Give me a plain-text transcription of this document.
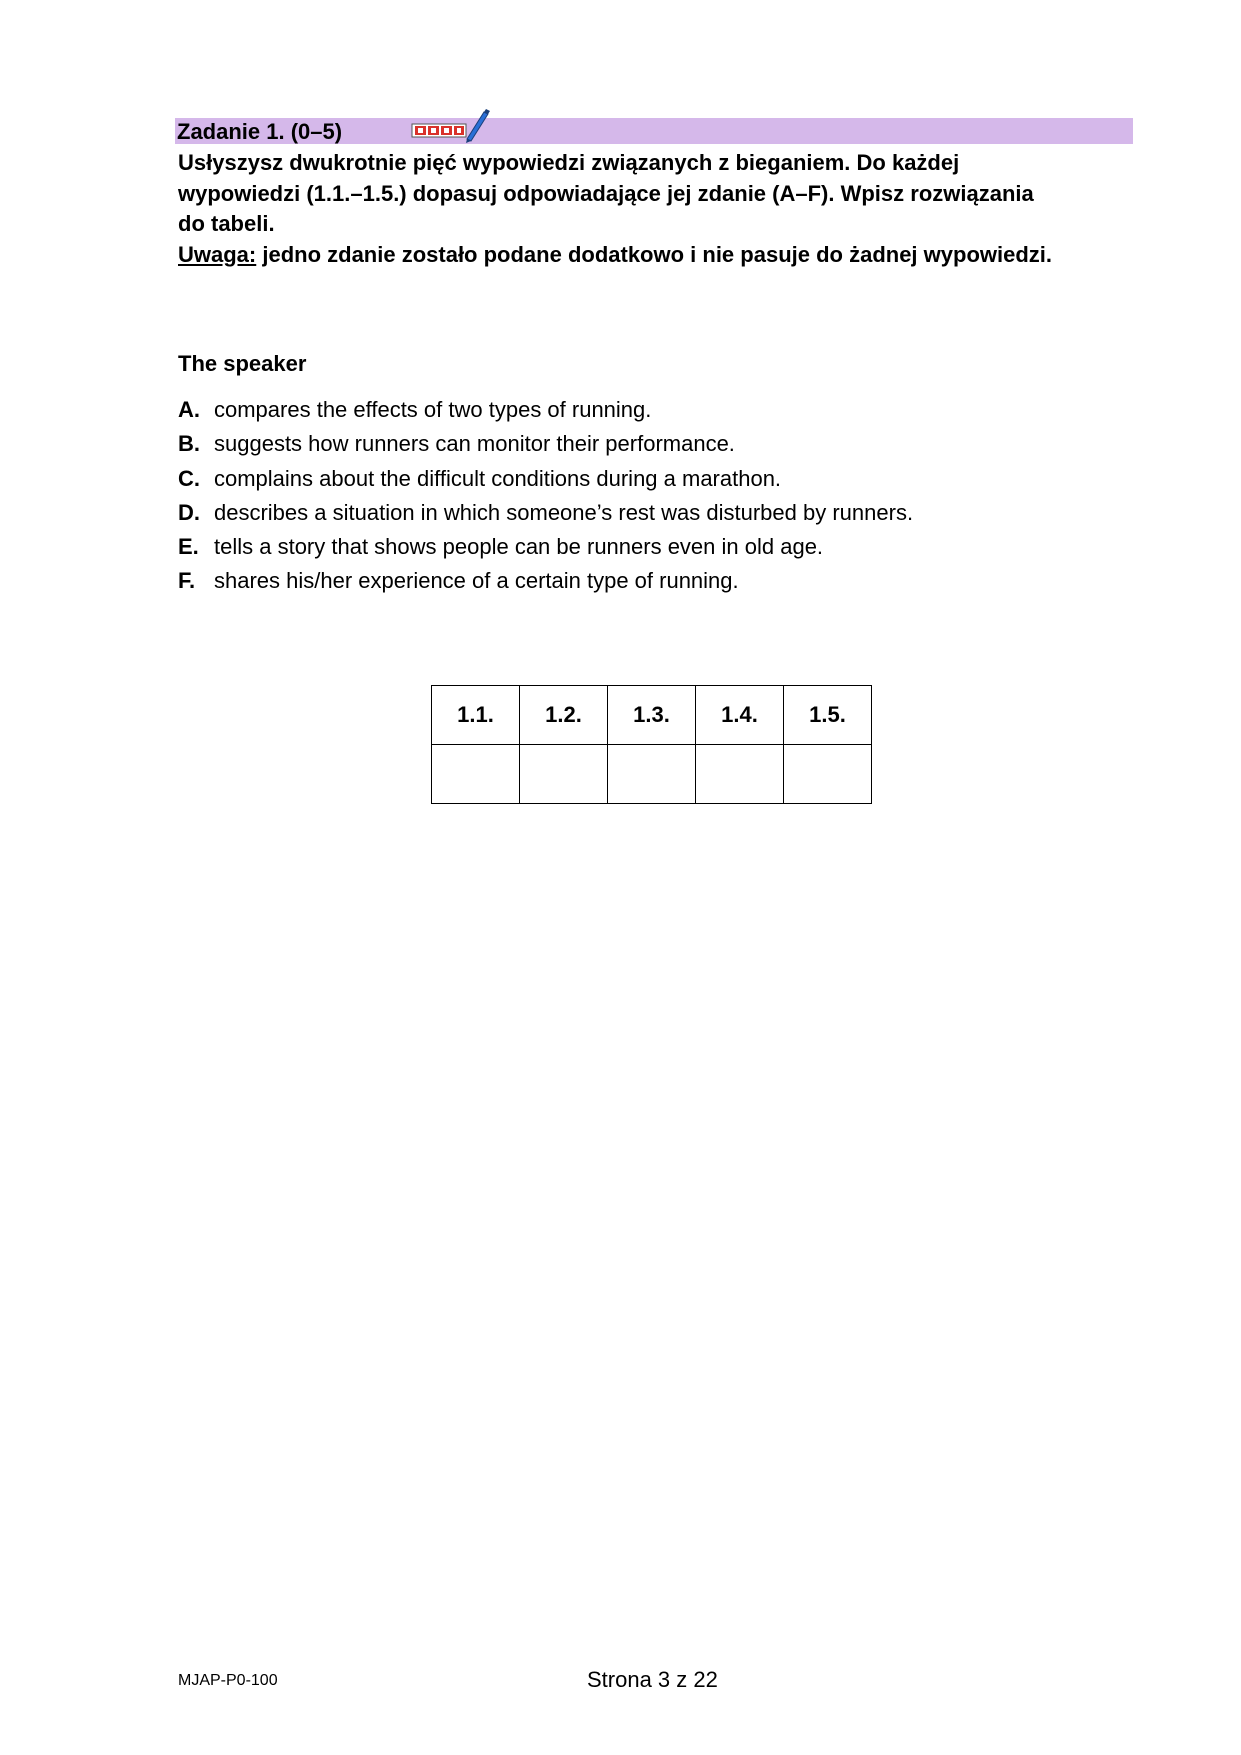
Zadanie 1. (0–5)

Usłyszysz dwukrotnie pięć wypowiedzi związanych z bieganiem. Do każdej

wypowiedzi (1.1.–1.5.) dopasuj odpowiadające jej zdanie (A–F). Wpisz rozwiązania

do tabeli.

Uwaga: jedno zdanie zostało podane dodatkowo i nie pasuje do żadnej wypowiedzi.

The speaker
A. compares the effects of two types of running.
B. suggests how runners can monitor their performance.
C. complains about the difficult conditions during a marathon.
D. describes a situation in which someone’s rest was disturbed by runners.
E. tells a story that shows people can be runners even in old age.
F. shares his/her experience of a certain type of running.
1.1.	1.2.	1.3.	1.4.	1.5.

MJAP-P0-100	Strona 3 z 22
